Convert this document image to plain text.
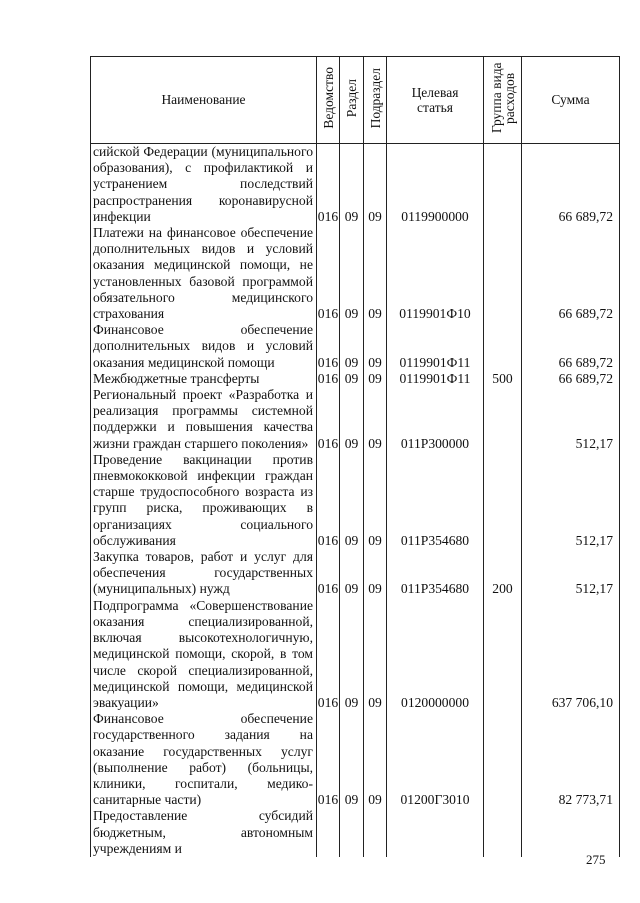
Наименование	Ведомство	Раздел	Подраздел	Целевая статья	Группа вида расходов	Сумма
сийской Федерации (муниципального образования), с профилактикой и устранением последствий распространения коронавирусной инфекции	016	09	09	0119900000		66 689,72
Платежи на финансовое обеспечение дополнительных видов и условий оказания медицинской помощи, не установленных базовой программой обязательного медицинского страхования	016	09	09	0119901Ф10		66 689,72
Финансовое обеспечение дополнительных видов и условий оказания медицинской помощи	016	09	09	0119901Ф11		66 689,72
Межбюджетные трансферты	016	09	09	0119901Ф11	500	66 689,72
Региональный проект «Разработка и реализация программы системной поддержки и повышения качества жизни граждан старшего поколения»	016	09	09	011P300000		512,17
Проведение вакцинации против пневмококковой инфекции граждан старше трудоспособного возраста из групп риска, проживающих в организациях социального обслуживания	016	09	09	011P354680		512,17
Закупка товаров, работ и услуг для обеспечения государственных (муниципальных) нужд	016	09	09	011P354680	200	512,17
Подпрограмма «Совершенствование оказания специализированной, включая высокотехнологичную, медицинской помощи, скорой, в том числе скорой специализированной, медицинской помощи, медицинской эвакуации»	016	09	09	0120000000		637 706,10
Финансовое обеспечение государственного задания на оказание государственных услуг (выполнение работ) (больницы, клиники, госпитали, медико-санитарные части)	016	09	09	01200Г3010		82 773,71
Предоставление субсидий бюджетным, автономным учреждениям и						
275
